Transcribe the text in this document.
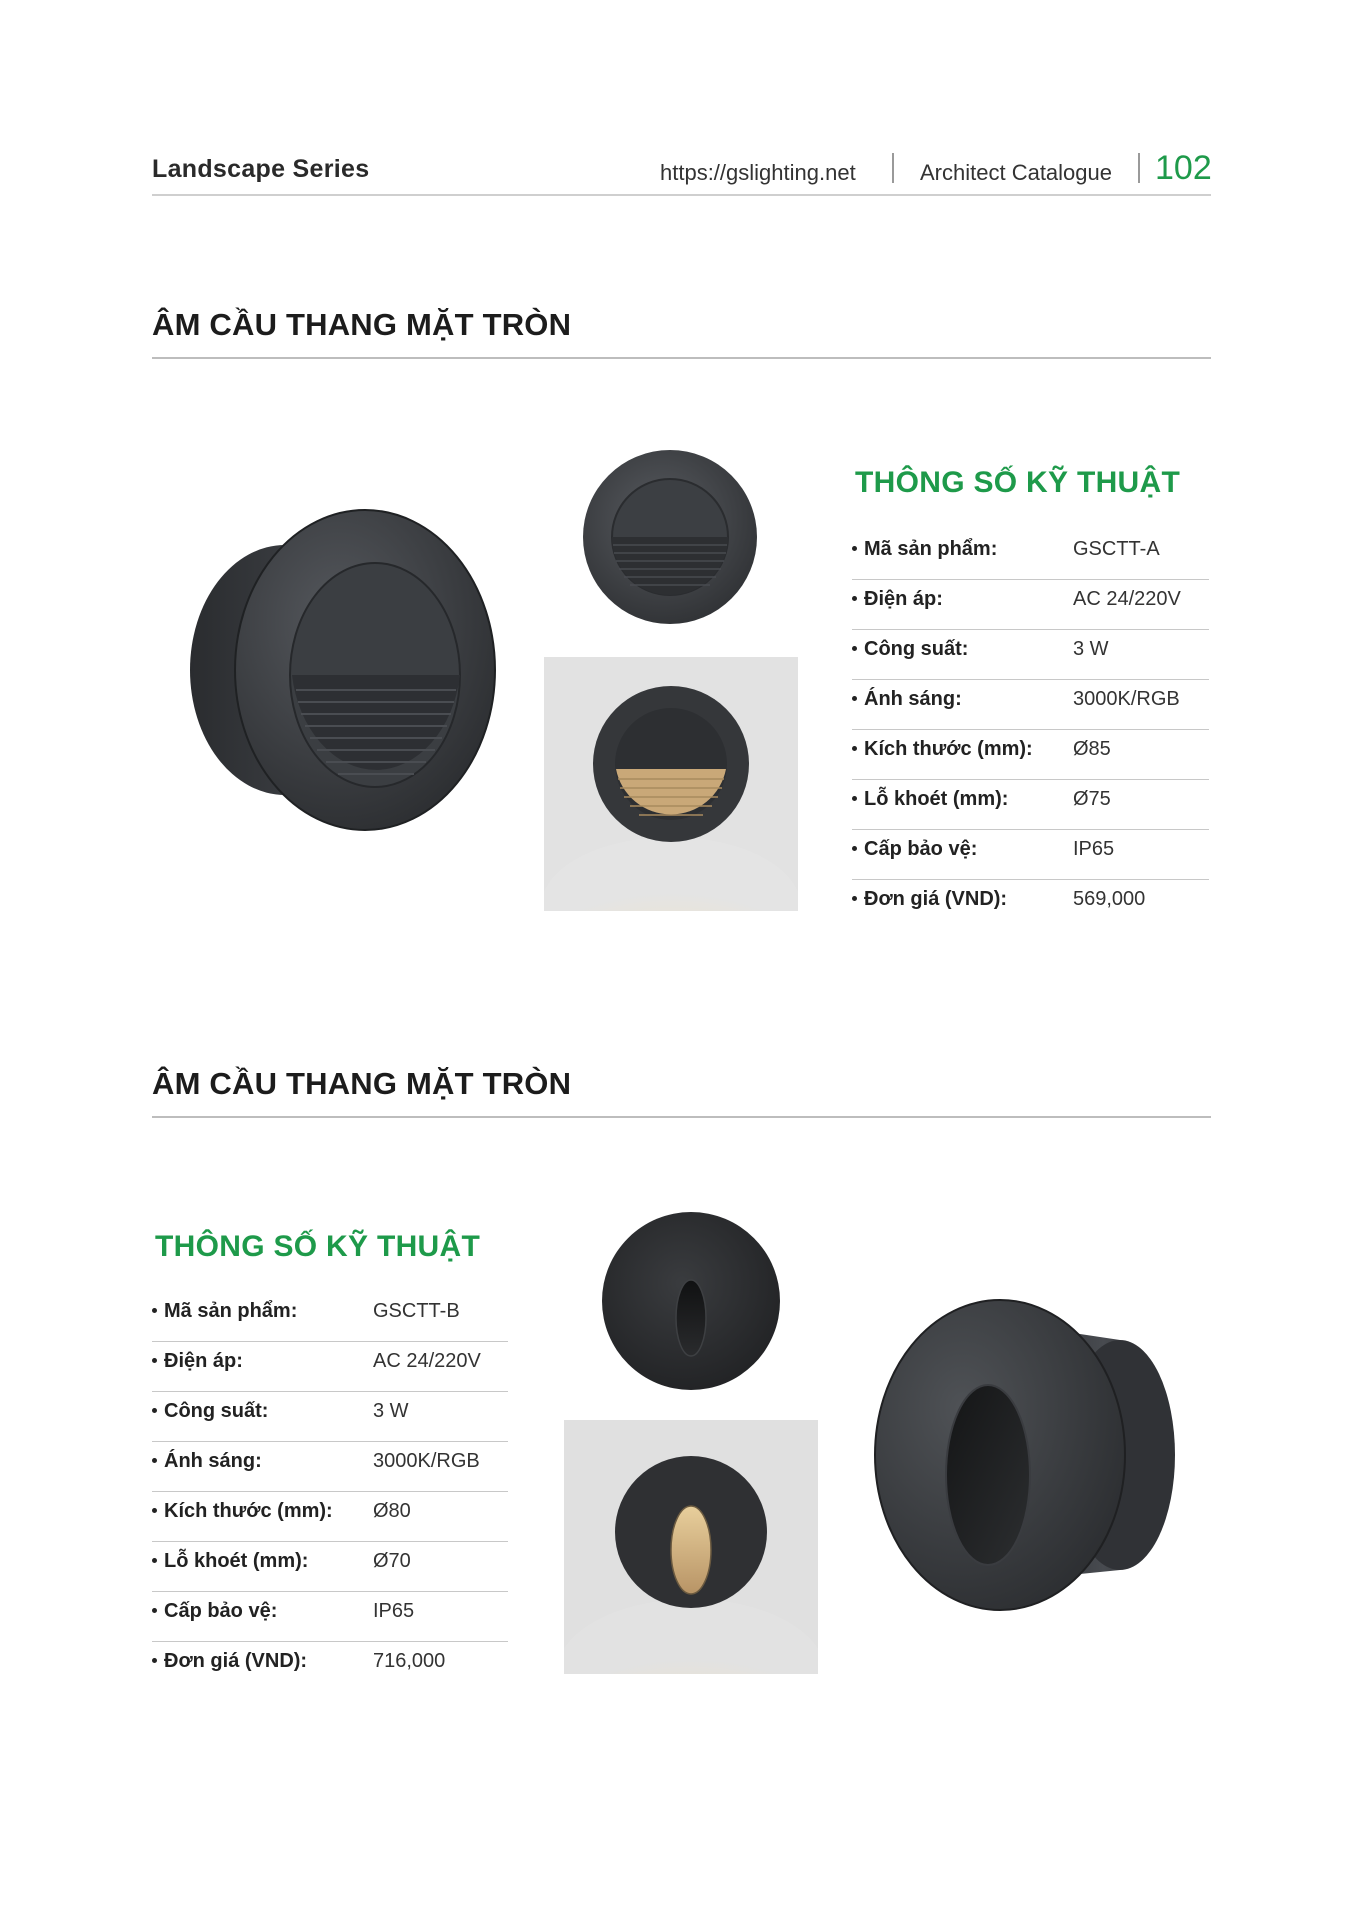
Landscape Series	https://gslighting.net	Architect Catalogue 102
ÂM CẦU THANG MẶT TRÒN
THÔNG SỐ KỸ THUẬT
Mã sản phẩm:	GSCTT-A
Điện áp:	AC 24/220V
Công suất:	3 W
Ánh sáng:	3000K/RGB
Kích thước (mm): Ø85
Lỗ khoét (mm):	Ø75
Cấp bảo vệ:	IP65
Đơn giá (VND):	569,000
ÂM CẦU THANG MẶT TRÒN
THÔNG SỐ KỸ THUẬT
Mã sản phẩm:	GSCTT-B
Điện áp:	AC 24/220V
Công suất:	3 W
Ánh sáng:	3000K/RGB
Kích thước (mm): Ø80
Lỗ khoét (mm):	Ø70
Cấp bảo vệ:	IP65
Đơn giá (VND):	716,000
